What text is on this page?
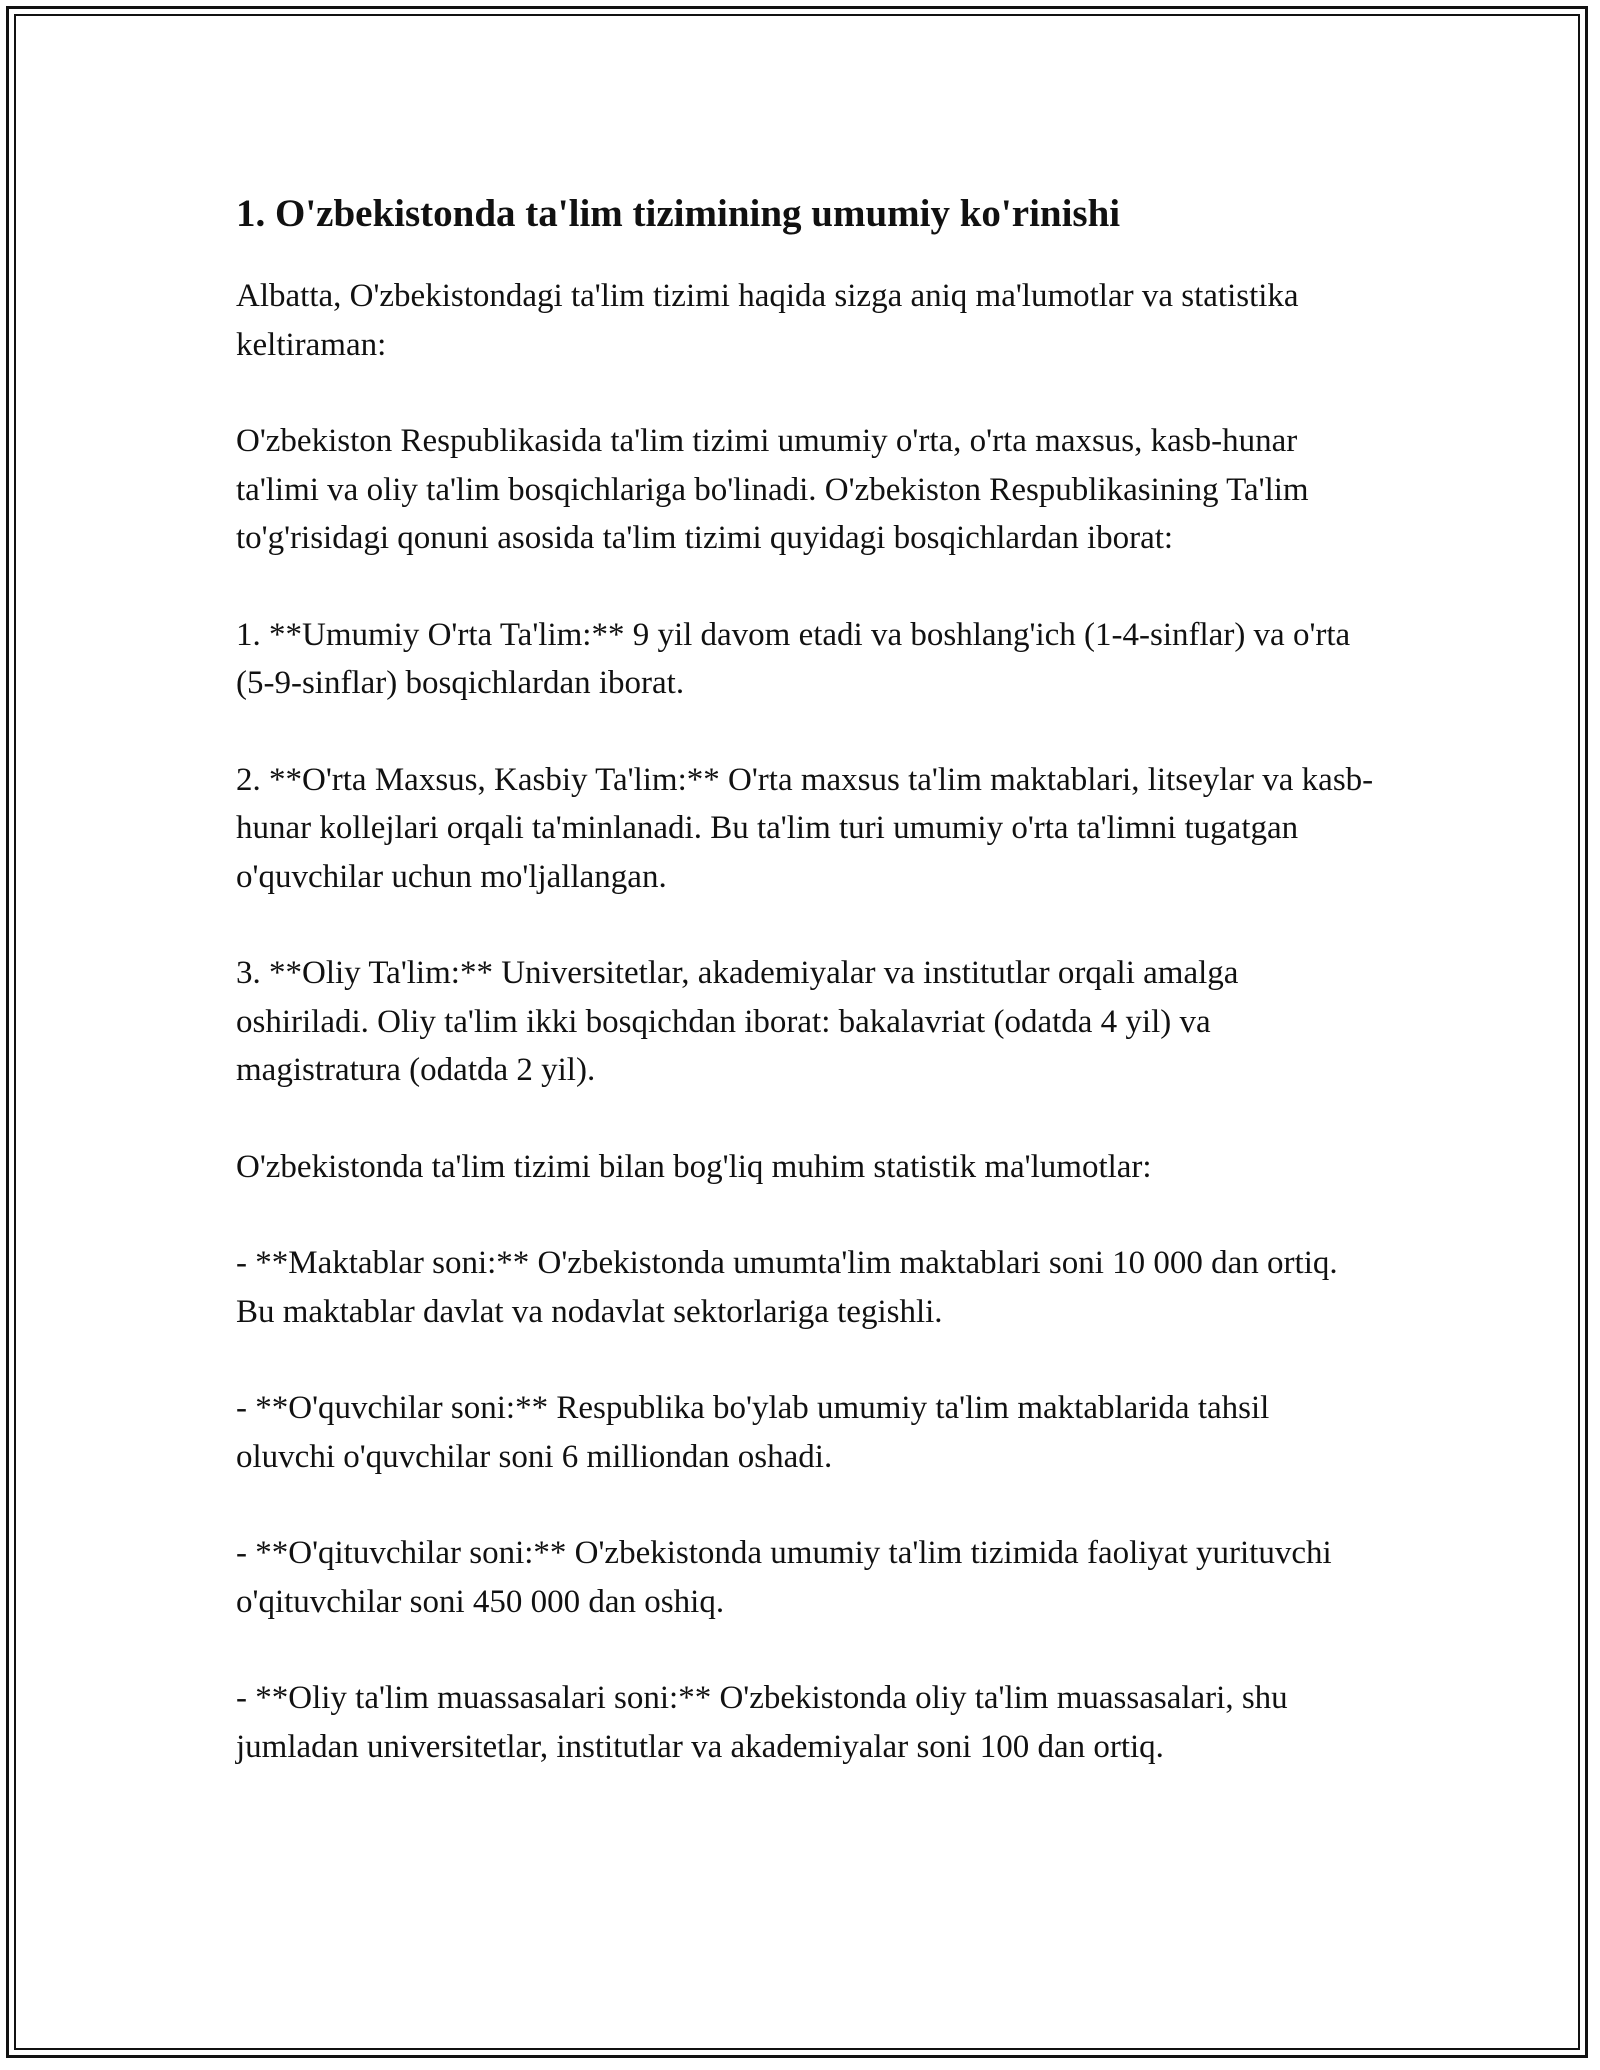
1. O'zbekistonda ta'lim tizimining umumiy ko'rinishi

Albatta, O'zbekistondagi ta'lim tizimi haqida sizga aniq ma'lumotlar va statistika keltiraman:

O'zbekiston Respublikasida ta'lim tizimi umumiy o'rta, o'rta maxsus, kasb-hunar ta'limi va oliy ta'lim bosqichlariga bo'linadi. O'zbekiston Respublikasining Ta'lim to'g'risidagi qonuni asosida ta'lim tizimi quyidagi bosqichlardan iborat:

1. **Umumiy O'rta Ta'lim:** 9 yil davom etadi va boshlang'ich (1-4-sinflar) va o'rta (5-9-sinflar) bosqichlardan iborat.

2. **O'rta Maxsus, Kasbiy Ta'lim:** O'rta maxsus ta'lim maktablari, litseylar va kasb-hunar kollejlari orqali ta'minlanadi. Bu ta'lim turi umumiy o'rta ta'limni tugatgan o'quvchilar uchun mo'ljallangan.

3. **Oliy Ta'lim:** Universitetlar, akademiyalar va institutlar orqali amalga oshiriladi. Oliy ta'lim ikki bosqichdan iborat: bakalavriat (odatda 4 yil) va magistratura (odatda 2 yil).

O'zbekistonda ta'lim tizimi bilan bog'liq muhim statistik ma'lumotlar:

- **Maktablar soni:** O'zbekistonda umumta'lim maktablari soni 10 000 dan ortiq. Bu maktablar davlat va nodavlat sektorlariga tegishli.

- **O'quvchilar soni:** Respublika bo'ylab umumiy ta'lim maktablarida tahsil oluvchi o'quvchilar soni 6 milliondan oshadi.

- **O'qituvchilar soni:** O'zbekistonda umumiy ta'lim tizimida faoliyat yurituvchi o'qituvchilar soni 450 000 dan oshiq.

- **Oliy ta'lim muassasalari soni:** O'zbekistonda oliy ta'lim muassasalari, shu jumladan universitetlar, institutlar va akademiyalar soni 100 dan ortiq.
